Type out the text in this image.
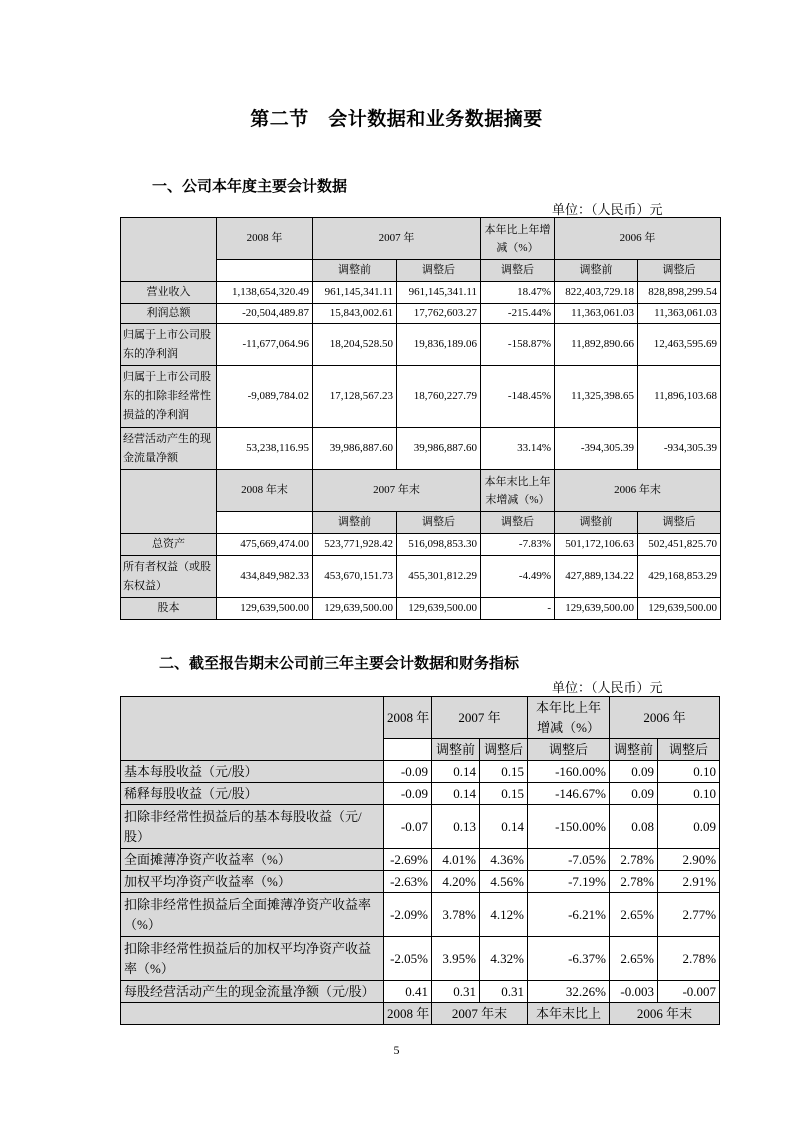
第二节　会计数据和业务数据摘要
一、公司本年度主要会计数据
单位：（人民币）元
	2008 年	2007 年		本年比上年增减（%）	2006 年	
		调整前	调整后	调整后	调整前	调整后
营业收入	1,138,654,320.49	961,145,341.11	961,145,341.11	18.47%	822,403,729.18	828,898,299.54
利润总额	-20,504,489.87	15,843,002.61	17,762,603.27	-215.44%	11,363,061.03	11,363,061.03
归属于上市公司股东的净利润	-11,677,064.96	18,204,528.50	19,836,189.06	-158.87%	11,892,890.66	12,463,595.69
归属于上市公司股东的扣除非经常性损益的净利润	-9,089,784.02	17,128,567.23	18,760,227.79	-148.45%	11,325,398.65	11,896,103.68
经营活动产生的现金流量净额	53,238,116.95	39,986,887.60	39,986,887.60	33.14%	-394,305.39	-934,305.39
	2008 年末	2007 年末		本年末比上年末增减（%）	2006 年末	
		调整前	调整后	调整后	调整前	调整后
总资产	475,669,474.00	523,771,928.42	516,098,853.30	-7.83%	501,172,106.63	502,451,825.70
所有者权益（或股东权益）	434,849,982.33	453,670,151.73	455,301,812.29	-4.49%	427,889,134.22	429,168,853.29
股本	129,639,500.00	129,639,500.00	129,639,500.00	-	129,639,500.00	129,639,500.00
二、截至报告期末公司前三年主要会计数据和财务指标
单位：（人民币）元
	2008 年	2007 年		本年比上年增减（%）	2006 年	
		调整前	调整后	调整后	调整前	调整后
基本每股收益（元/股）	-0.09	0.14	0.15	-160.00%	0.09	0.10
稀释每股收益（元/股）	-0.09	0.14	0.15	-146.67%	0.09	0.10
扣除非经常性损益后的基本每股收益（元/股）	-0.07	0.13	0.14	-150.00%	0.08	0.09
全面摊薄净资产收益率（%）	-2.69%	4.01%	4.36%	-7.05%	2.78%	2.90%
加权平均净资产收益率（%）	-2.63%	4.20%	4.56%	-7.19%	2.78%	2.91%
扣除非经常性损益后全面摊薄净资产收益率（%）	-2.09%	3.78%	4.12%	-6.21%	2.65%	2.77%
扣除非经常性损益后的加权平均净资产收益率（%）	-2.05%	3.95%	4.32%	-6.37%	2.65%	2.78%
每股经营活动产生的现金流量净额（元/股）	0.41	0.31	0.31	32.26%	-0.003	-0.007
	2008 年	2007 年末		本年末比上	2006 年末	
5
